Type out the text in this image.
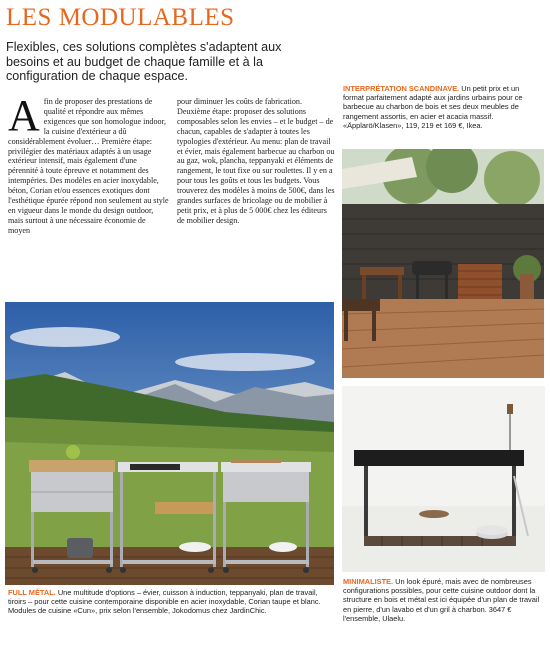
LES MODULABLES

Flexibles, ces solutions complètes s'adaptent aux besoins et au budget de chaque famille et à la configuration de chaque espace.

Afin de proposer des prestations de qualité et répondre aux mêmes exigences que son homologue indoor, la cuisine d'extérieur a dû considérablement évoluer… Première étape: privilégier des matériaux adaptés à un usage extérieur intensif, mais également d'une pérennité à toute épreuve et notamment des intempéries. Des modèles en acier inoxydable, béton, Corian et/ou essences exotiques dont l'esthétique épurée répond non seulement au style en vigueur dans le monde du design outdoor, mais surtout à une nécessaire économie de moyen
pour diminuer les coûts de fabrication. Deuxième étape: proposer des solutions composables selon les envies – et le budget – de chacun, capables de s'adapter à toutes les typologies d'extérieur. Au menu: plan de travail et évier, mais également barbecue au charbon ou au gaz, wok, plancha, teppanyaki et éléments de rangement, le tout fixe ou sur roulettes. Il y en a pour tous les goûts et tous les budgets. Vous trouverez des modèles à moins de 500€, dans les grandes surfaces de bricolage ou de mobilier à petit prix, et à plus de 5 000€ chez les éditeurs de mobilier design.

INTERPRÉTATION SCANDINAVE. Un petit prix et un format parfaitement adapté aux jardins urbains pour ce barbecue au charbon de bois et ses deux meubles de rangement assortis, en acier et acacia massif. «Äpplarö/Klasen», 119, 219 et 169 €, Ikea.

FULL MÉTAL. Une multitude d'options – évier, cuisson à induction, teppanyaki, plan de travail, tiroirs – pour cette cuisine contemporaine disponible en acier inoxydable, Corian taupe et blanc. Modules de cuisine «Cun», prix selon l'ensemble, Jokodomus chez JardinChic.

MINIMALISTE. Un look épuré, mais avec de nombreuses configurations possibles, pour cette cuisine outdoor dont la structure en bois et métal est ici équipée d'un plan de travail en pierre, d'un lavabo et d'un gril à charbon. 3647 € l'ensemble, Ulaelu.
